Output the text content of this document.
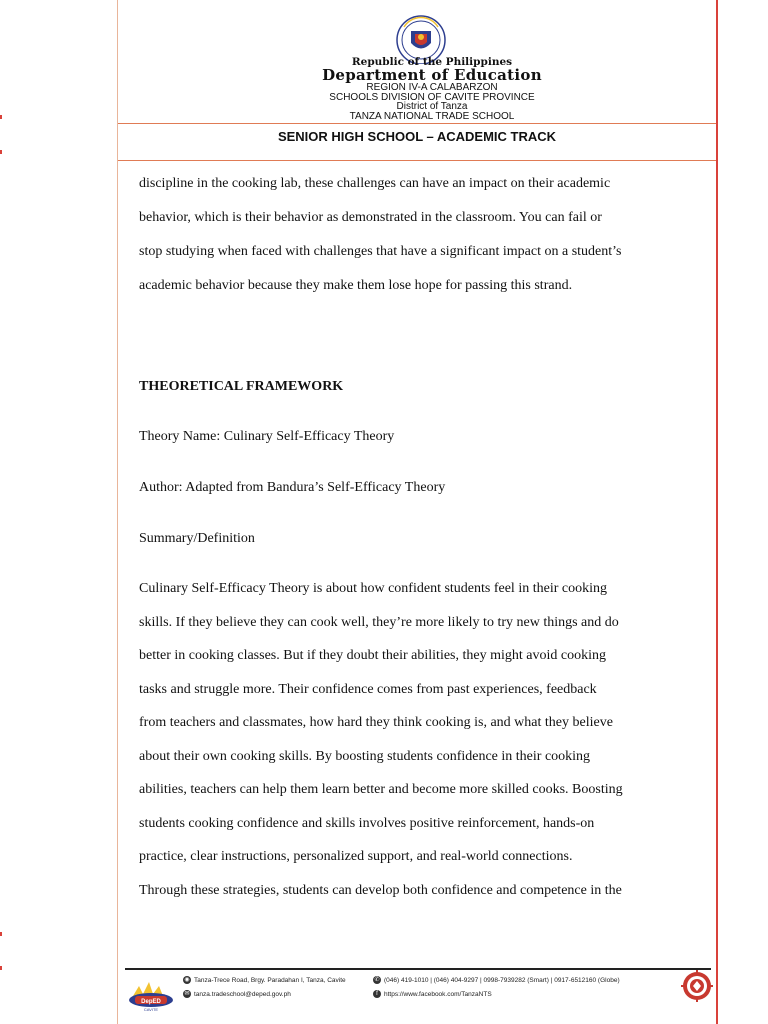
Republic of the Philippines
Department of Education
REGION IV-A CALABARZON
SCHOOLS DIVISION OF CAVITE PROVINCE
District of Tanza
TANZA NATIONAL TRADE SCHOOL
SENIOR HIGH SCHOOL – ACADEMIC TRACK
discipline in the cooking lab, these challenges can have an impact on their academic
behavior, which is their behavior as demonstrated in the classroom. You can fail or
stop studying when faced with challenges that have a significant impact on a student’s
academic behavior because they make them lose hope for passing this strand.
THEORETICAL FRAMEWORK
Theory Name: Culinary Self-Efficacy Theory
Author: Adapted from Bandura’s Self-Efficacy Theory
Summary/Definition
Culinary Self-Efficacy Theory is about how confident students feel in their cooking
skills. If they believe they can cook well, they’re more likely to try new things and do
better in cooking classes. But if they doubt their abilities, they might avoid cooking
tasks and struggle more. Their confidence comes from past experiences, feedback
from teachers and classmates, how hard they think cooking is, and what they believe
about their own cooking skills. By boosting students confidence in their cooking
abilities, teachers can help them learn better and become more skilled cooks. Boosting
students cooking confidence and skills involves positive reinforcement, hands-on
practice, clear instructions, personalized support, and real-world connections.
Through these strategies, students can develop both confidence and competence in the
DepED
CAVITE
◉ Tanza-Trece Road, Brgy. Paradahan I, Tanza, Cavite
✉ tanza.tradeschool@deped.gov.ph
✆ (046) 419-1010 | (046) 404-9297 | 0998-7939282 (Smart) | 0917-6512160 (Globe)
f https://www.facebook.com/TanzaNTS
